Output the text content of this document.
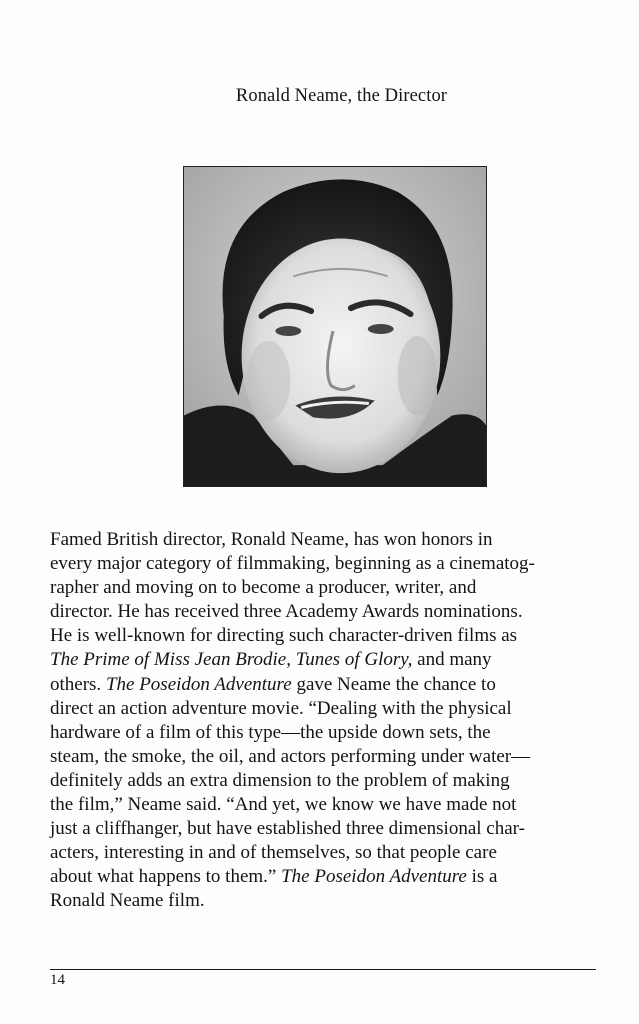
Ronald Neame, the Director
Famed British director, Ronald Neame, has won honors in
every major category of filmmaking, beginning as a cinematog-
rapher and moving on to become a producer, writer, and
director. He has received three Academy Awards nominations.
He is well-known for directing such character-driven films as
The Prime of Miss Jean Brodie, Tunes of Glory, and many
others. The Poseidon Adventure gave Neame the chance to
direct an action adventure movie. “Dealing with the physical
hardware of a film of this type—the upside down sets, the
steam, the smoke, the oil, and actors performing under water—
definitely adds an extra dimension to the problem of making
the film,” Neame said. “And yet, we know we have made not
just a cliffhanger, but have established three dimensional char-
acters, interesting in and of themselves, so that people care
about what happens to them.” The Poseidon Adventure is a
Ronald Neame film.
14
